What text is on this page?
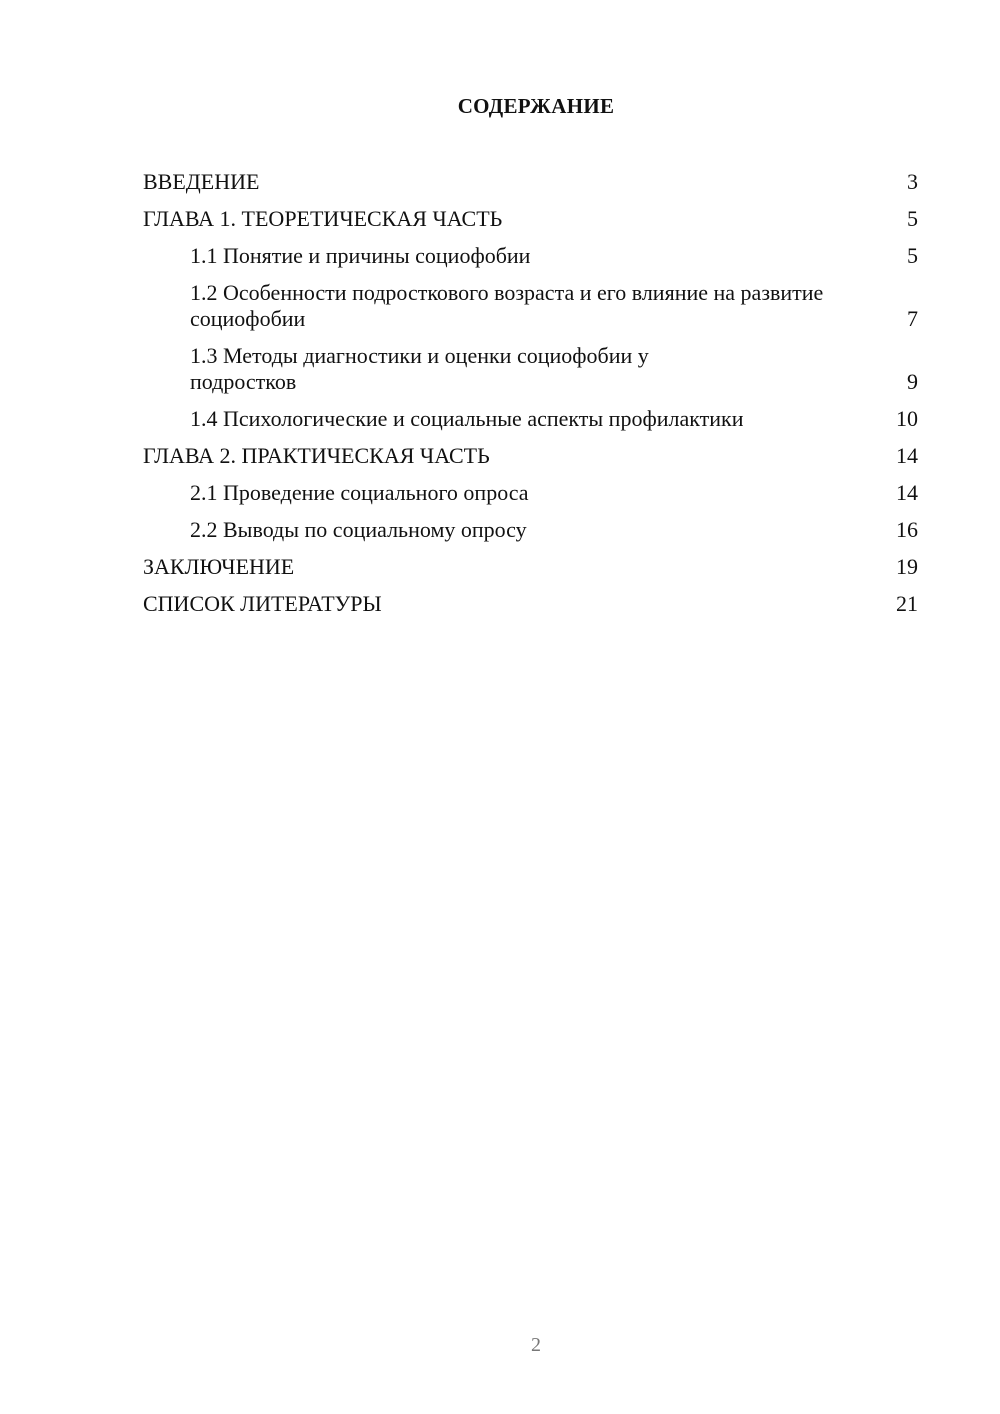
СОДЕРЖАНИЕ
ВВЕДЕНИЕ	3
ГЛАВА 1. ТЕОРЕТИЧЕСКАЯ ЧАСТЬ	5
1.1 Понятие и причины социофобии	5
1.2 Особенности подросткового возраста и его влияние на развитие социофобии	7
1.3 Методы диагностики и оценки социофобии у подростков	9
1.4 Психологические и социальные аспекты профилактики	10
ГЛАВА 2. ПРАКТИЧЕСКАЯ ЧАСТЬ	14
2.1 Проведение социального опроса	14
2.2 Выводы по социальному опросу	16
ЗАКЛЮЧЕНИЕ	19
СПИСОК ЛИТЕРАТУРЫ	21
2
